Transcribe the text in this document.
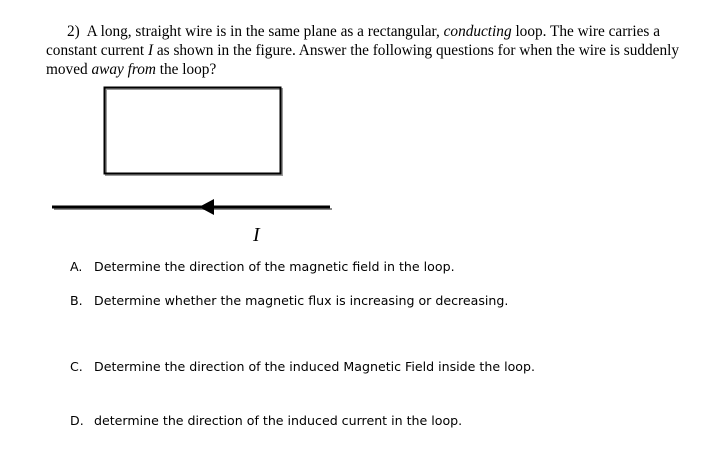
2) A long, straight wire is in the same plane as a rectangular, conducting loop. The wire carries a constant current I as shown in the figure. Answer the following questions for when the wire is suddenly moved away from the loop?

I
A. Determine the direction of the magnetic field in the loop.
B. Determine whether the magnetic flux is increasing or decreasing.
C. Determine the direction of the induced Magnetic Field inside the loop.
D. determine the direction of the induced current in the loop.
